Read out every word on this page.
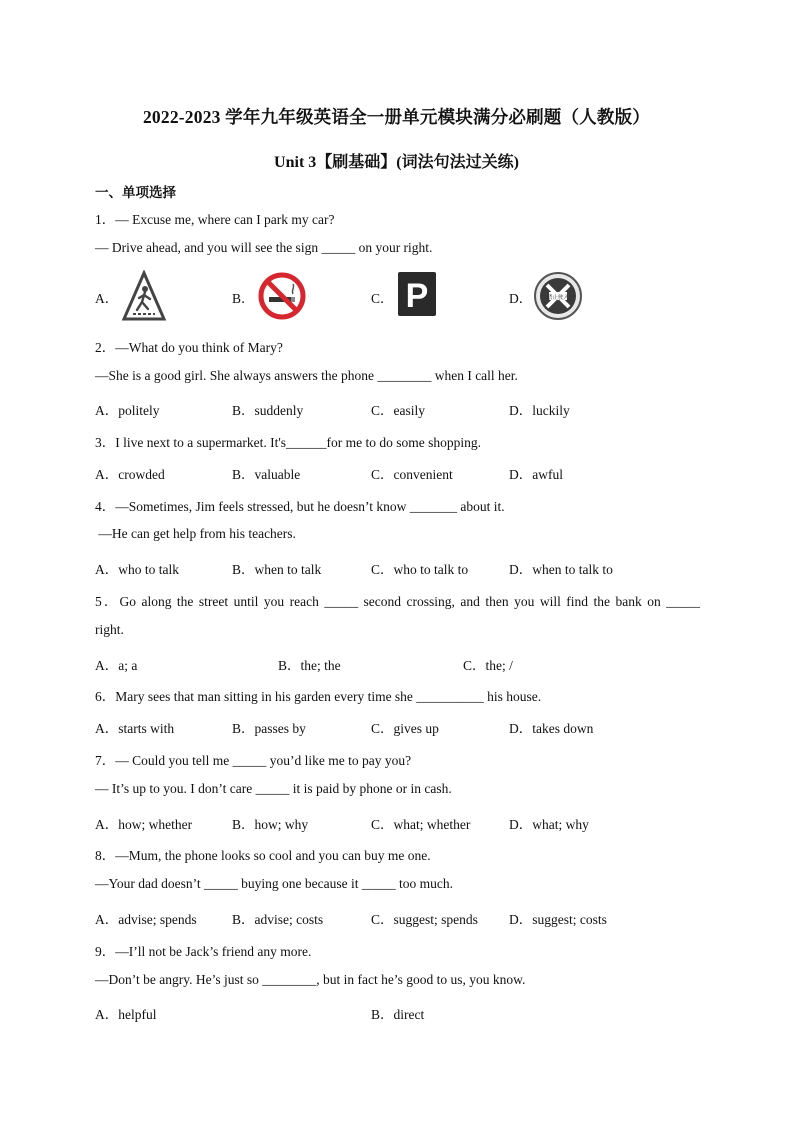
2022-2023 学年九年级英语全一册单元模块满分必刷题（人教版）
Unit 3【刷基础】(词法句法过关练)
一、单项选择
1．— Excuse me, where can I park my car?
— Drive ahead, and you will see the sign _____ on your right.
A．	B．	C． P	D．	禁止驶入
2．—What do you think of Mary?
—She is a good girl. She always answers the phone ________ when I call her.
A．politely	B．suddenly	C．easily	D．luckily
3．I live next to a supermarket. It's______for me to do some shopping.
A．crowded	B．valuable	C．convenient	D．awful
4．—Sometimes, Jim feels stressed, but he doesn’t know _______ about it.
—He can get help from his teachers.
A．who to talk	B．when to talk	C．who to talk to	D．when to talk to
5．Go along the street until you reach _____ second crossing, and then you will find the bank on _____
right.
A．a; a	B．the; the	C．the; /
6．Mary sees that man sitting in his garden every time she __________ his house.
A．starts with	B．passes by	C．gives up	D．takes down
7．— Could you tell me _____ you’d like me to pay you?
— It’s up to you. I don’t care _____ it is paid by phone or in cash.
A．how; whether	B．how; why	C．what; whether	D．what; why
8．—Mum, the phone looks so cool and you can buy me one.
—Your dad doesn’t _____ buying one because it _____ too much.
A．advise; spends	B．advise; costs	C．suggest; spends D．suggest; costs
9．—I’ll not be Jack’s friend any more.
—Don’t be angry. He’s just so ________, but in fact he’s good to us, you know.
A．helpful	B．direct
